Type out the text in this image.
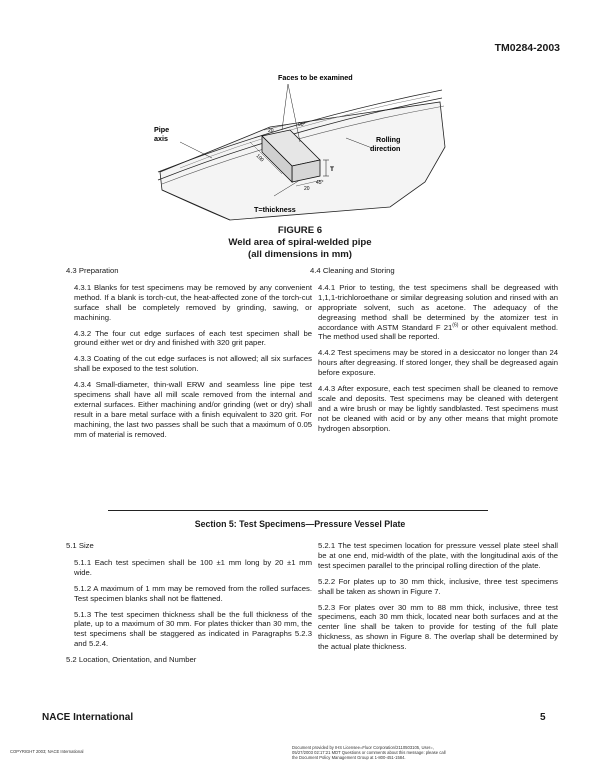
TM0284-2003
Faces to be examined
Pipe
axis	Rolling
direction
T=thickness
T
90°
20
100
20
45°
FIGURE 6
Weld area of spiral-welded pipe
(all dimensions in mm)

4.3 Preparation

4.3.1 Blanks for test specimens may be removed by any convenient method. If a blank is torch-cut, the heat-affected zone of the torch-cut surface shall be completely removed by grinding, sawing, or machining.

4.3.2 The four cut edge surfaces of each test specimen shall be ground either wet or dry and finished with 320 grit paper.

4.3.3 Coating of the cut edge surfaces is not allowed; all six surfaces shall be exposed to the test solution.

4.3.4 Small-diameter, thin-wall ERW and seamless line pipe test specimens shall have all mill scale removed from the internal and external surfaces. Either machining and/or grinding (wet or dry) shall result in a bare metal surface with a finish equivalent to 320 grit. For machining, the last two passes shall be such that a maximum of 0.05 mm of material is removed.

4.4 Cleaning and Storing

4.4.1 Prior to testing, the test specimens shall be degreased with 1,1,1-trichloroethane or similar degreasing solution and rinsed with an appropriate solvent, such as acetone. The adequacy of the degreasing method shall be determined by the atomizer test in accordance with ASTM Standard F 21$^{(6)}$ or other equivalent method. The method used shall be reported.

4.4.2 Test specimens may be stored in a desiccator no longer than 24 hours after degreasing. If stored longer, they shall be degreased again before exposure.

4.4.3 After exposure, each test specimen shall be cleaned to remove scale and deposits. Test specimens may be cleaned with detergent and a wire brush or may be lightly sandblasted. Test specimens must not be cleaned with acid or by any other means that might promote hydrogen absorption.

Section 5: Test Specimens—Pressure Vessel Plate

5.1 Size

5.1.1 Each test specimen shall be 100 ±1 mm long by 20 ±1 mm wide.

5.1.2 A maximum of 1 mm may be removed from the rolled surfaces. Test specimen blanks shall not be flattened.

5.1.3 The test specimen thickness shall be the full thickness of the plate, up to a maximum of 30 mm. For plates thicker than 30 mm, the test specimens shall be staggered as indicated in Paragraphs 5.2.3 and 5.2.4.

5.2 Location, Orientation, and Number

5.2.1 The test specimen location for pressure vessel plate steel shall be at one end, mid-width of the plate, with the longitudinal axis of the test specimen parallel to the principal rolling direction of the plate.

5.2.2 For plates up to 30 mm thick, inclusive, three test specimens shall be taken as shown in Figure 7.

5.2.3 For plates over 30 mm to 88 mm thick, inclusive, three test specimens, each 30 mm thick, located near both surfaces and at the center line shall be taken to provide for testing of the full plate thickness, as shown in Figure 8. The overlap shall be determined by the actual plate thickness.

NACE International	5
COPYRIGHT 2003; NACE International
Document provided by IHS Licensee=Fluor Corporation/2110503105, User=,
05/27/2003 02:17:21 MDT Questions or comments about this message: please call
the Document Policy Management Group at 1-800-451-1584.
